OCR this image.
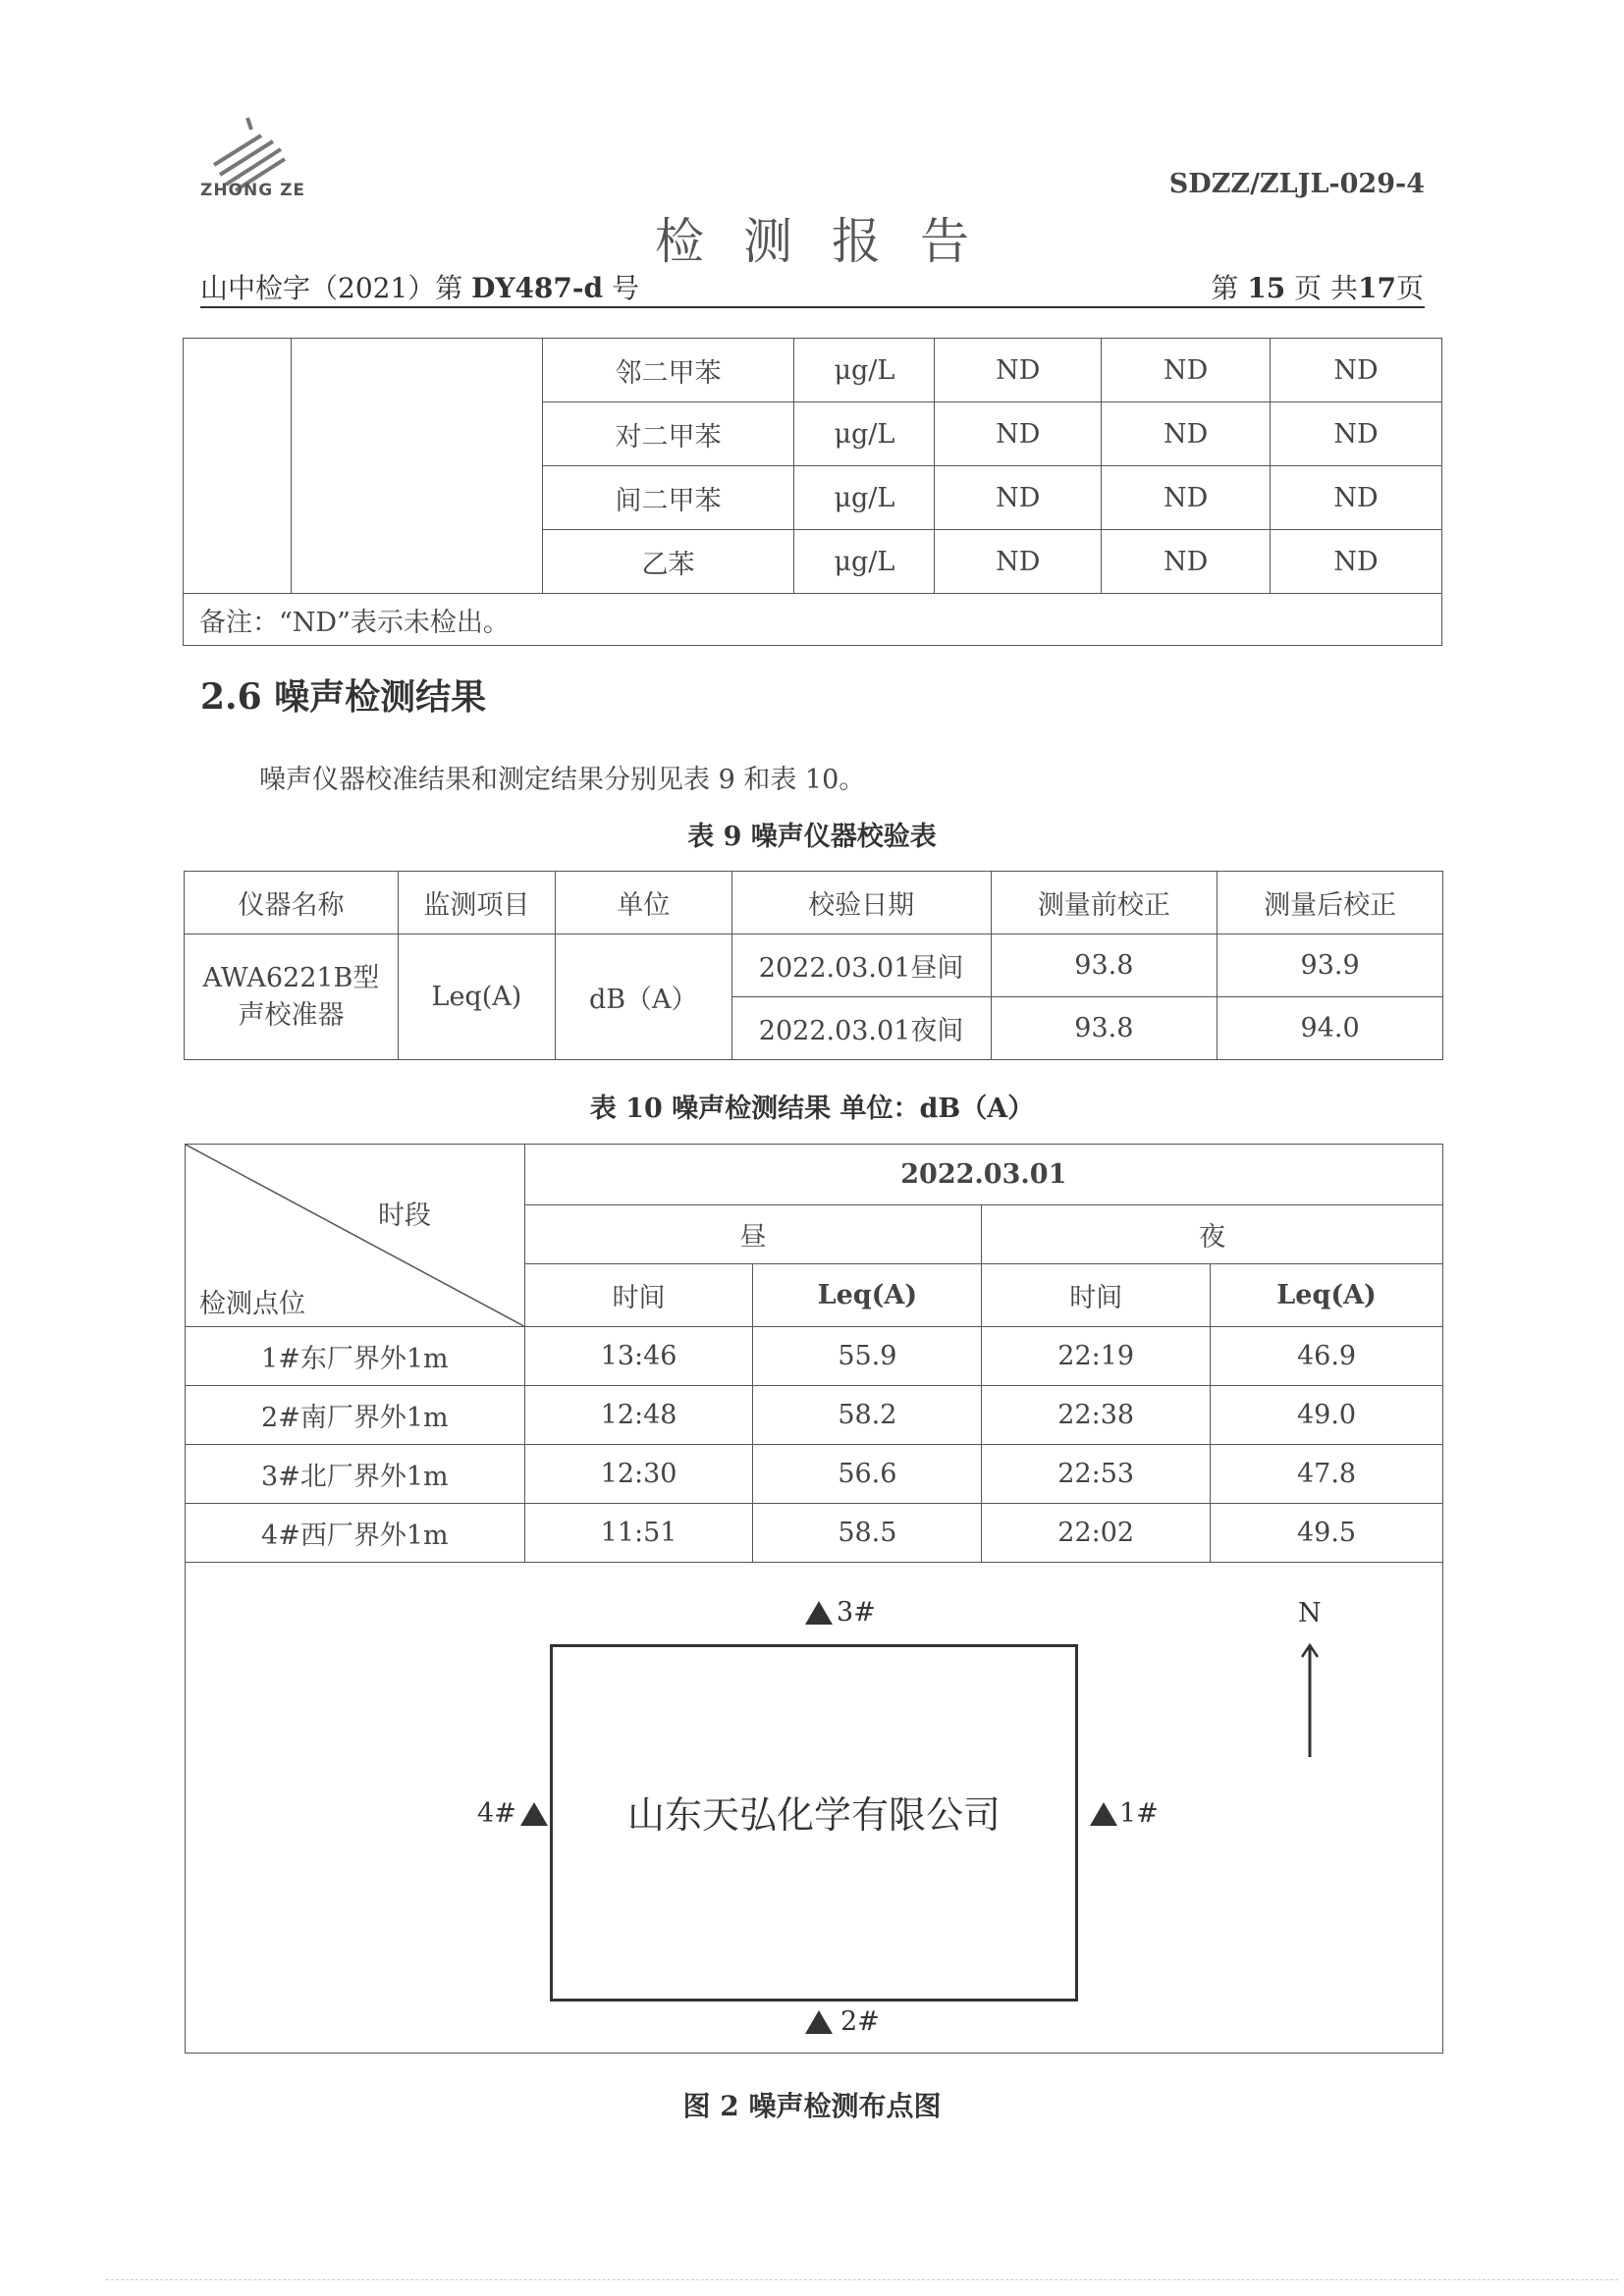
ZHONG ZE	SDZZ/ZLJL-029-4
检测报告
山中检字（2021）第 DY487-d 号	第 15 页 共17页
		邻二甲苯	μg/L	ND	ND	ND
		对二甲苯	μg/L	ND	ND	ND
		间二甲苯	μg/L	ND	ND	ND
		乙苯	μg/L	ND	ND	ND
备注：“ND”表示未检出。						
2.6 噪声检测结果
噪声仪器校准结果和测定结果分别见表 9 和表 10。
表 9 噪声仪器校验表
仪器名称	监测项目	单位	校验日期	测量前校正	测量后校正
AWA6221B型声校准器	Leq(A)	dB（A）	2022.03.01昼间	93.8	93.9
			2022.03.01夜间	93.8	94.0
表 10 噪声检测结果 单位：dB（A）
时段
检测点位	2022.03.01			
	昼		夜	
	时间	Leq(A)	时间	Leq(A)
1#东厂界外1m	13:46	55.9	22:19	46.9
2#南厂界外1m	12:48	58.2	22:38	49.0
3#北厂界外1m	12:30	56.6	22:53	47.8
4#西厂界外1m	11:51	58.5	22:02	49.5
山东天弘化学有限公司
3#
2#
1#
4#
N
图 2 噪声检测布点图
